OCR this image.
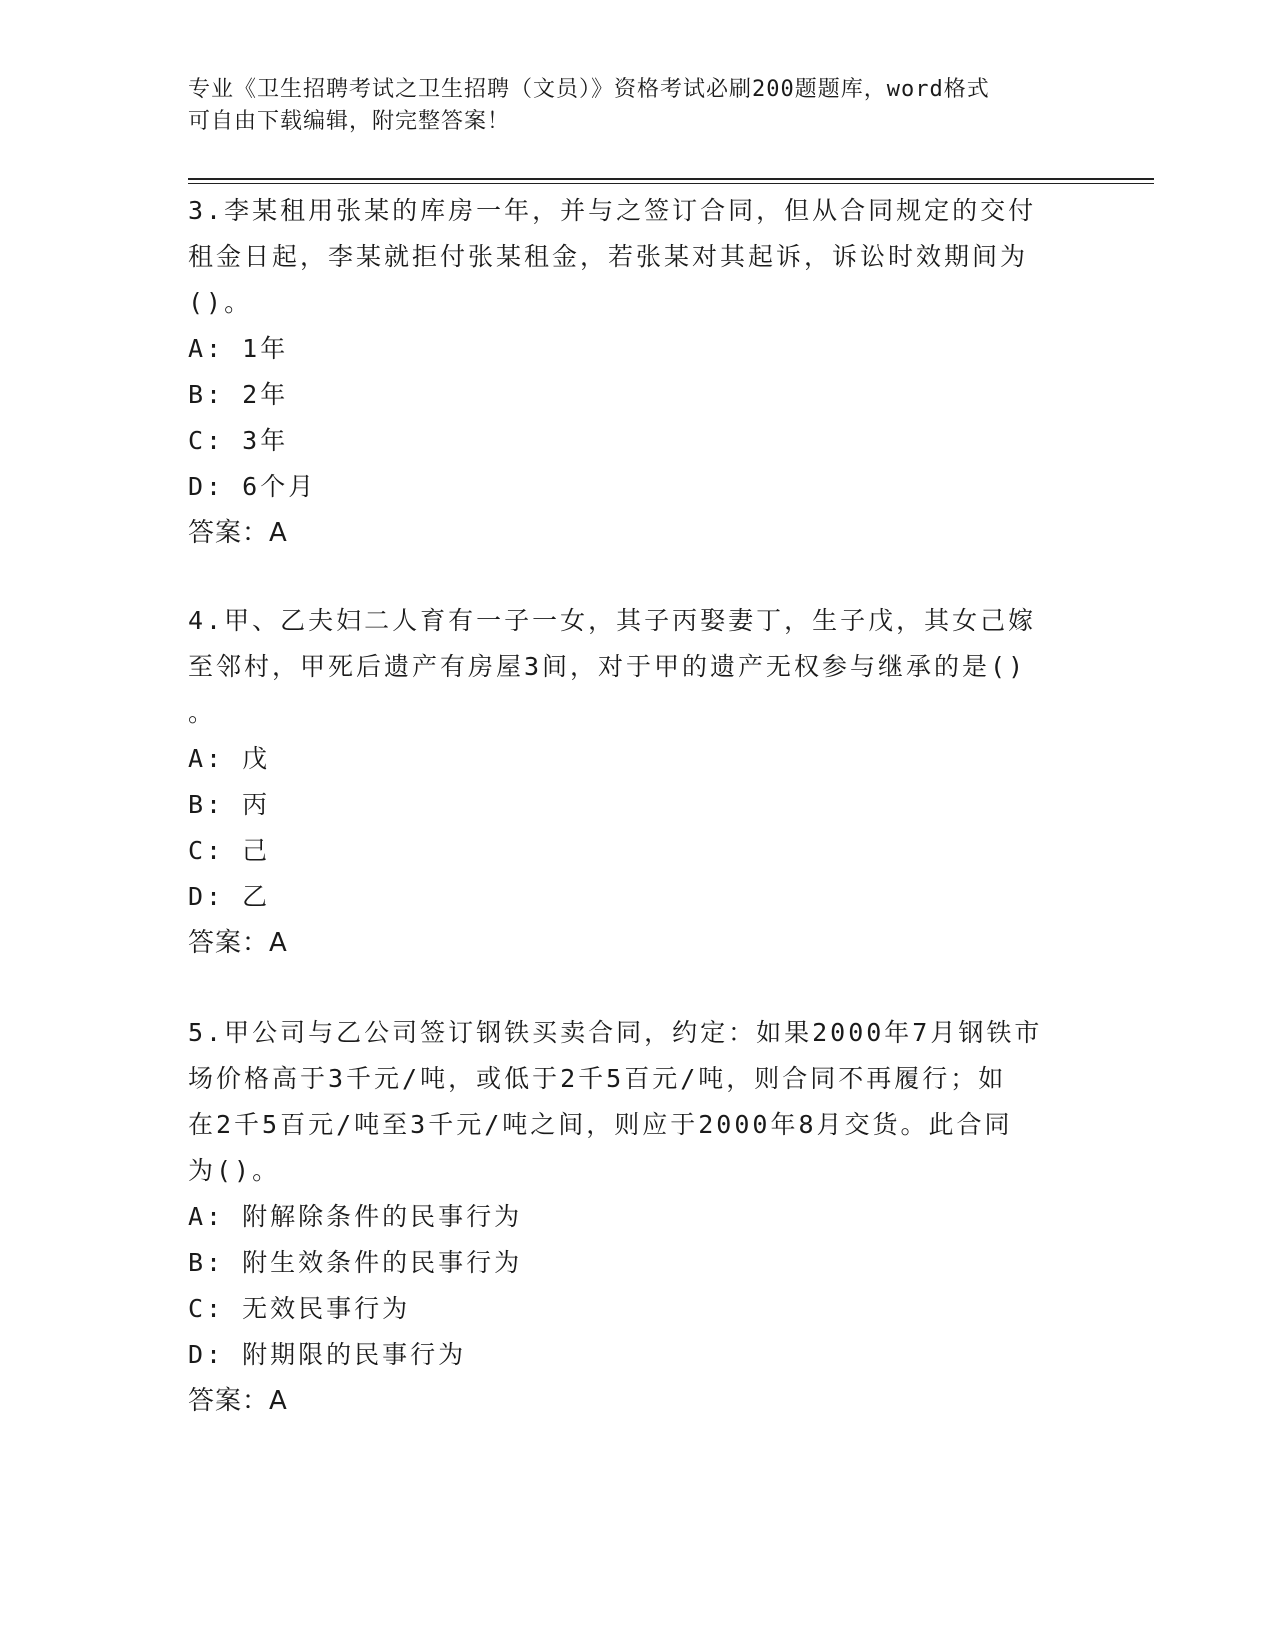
专业《卫生招聘考试之卫生招聘（文员）》资格考试必刷200题题库，word格式
可自由下载编辑，附完整答案！
3.李某租用张某的库房一年，并与之签订合同，但从合同规定的交付
租金日起，李某就拒付张某租金，若张某对其起诉，诉讼时效期间为
()。
A: 1年
B: 2年
C: 3年
D: 6个月
答案：A
4.甲、乙夫妇二人育有一子一女，其子丙娶妻丁，生子戊，其女己嫁
至邻村，甲死后遗产有房屋3间，对于甲的遗产无权参与继承的是()
。
A: 戊
B: 丙
C: 己
D: 乙
答案：A
5.甲公司与乙公司签订钢铁买卖合同，约定：如果2000年7月钢铁市
场价格高于3千元/吨，或低于2千5百元/吨，则合同不再履行；如
在2千5百元/吨至3千元/吨之间，则应于2000年8月交货。此合同
为()。
A: 附解除条件的民事行为
B: 附生效条件的民事行为
C: 无效民事行为
D: 附期限的民事行为
答案：A
